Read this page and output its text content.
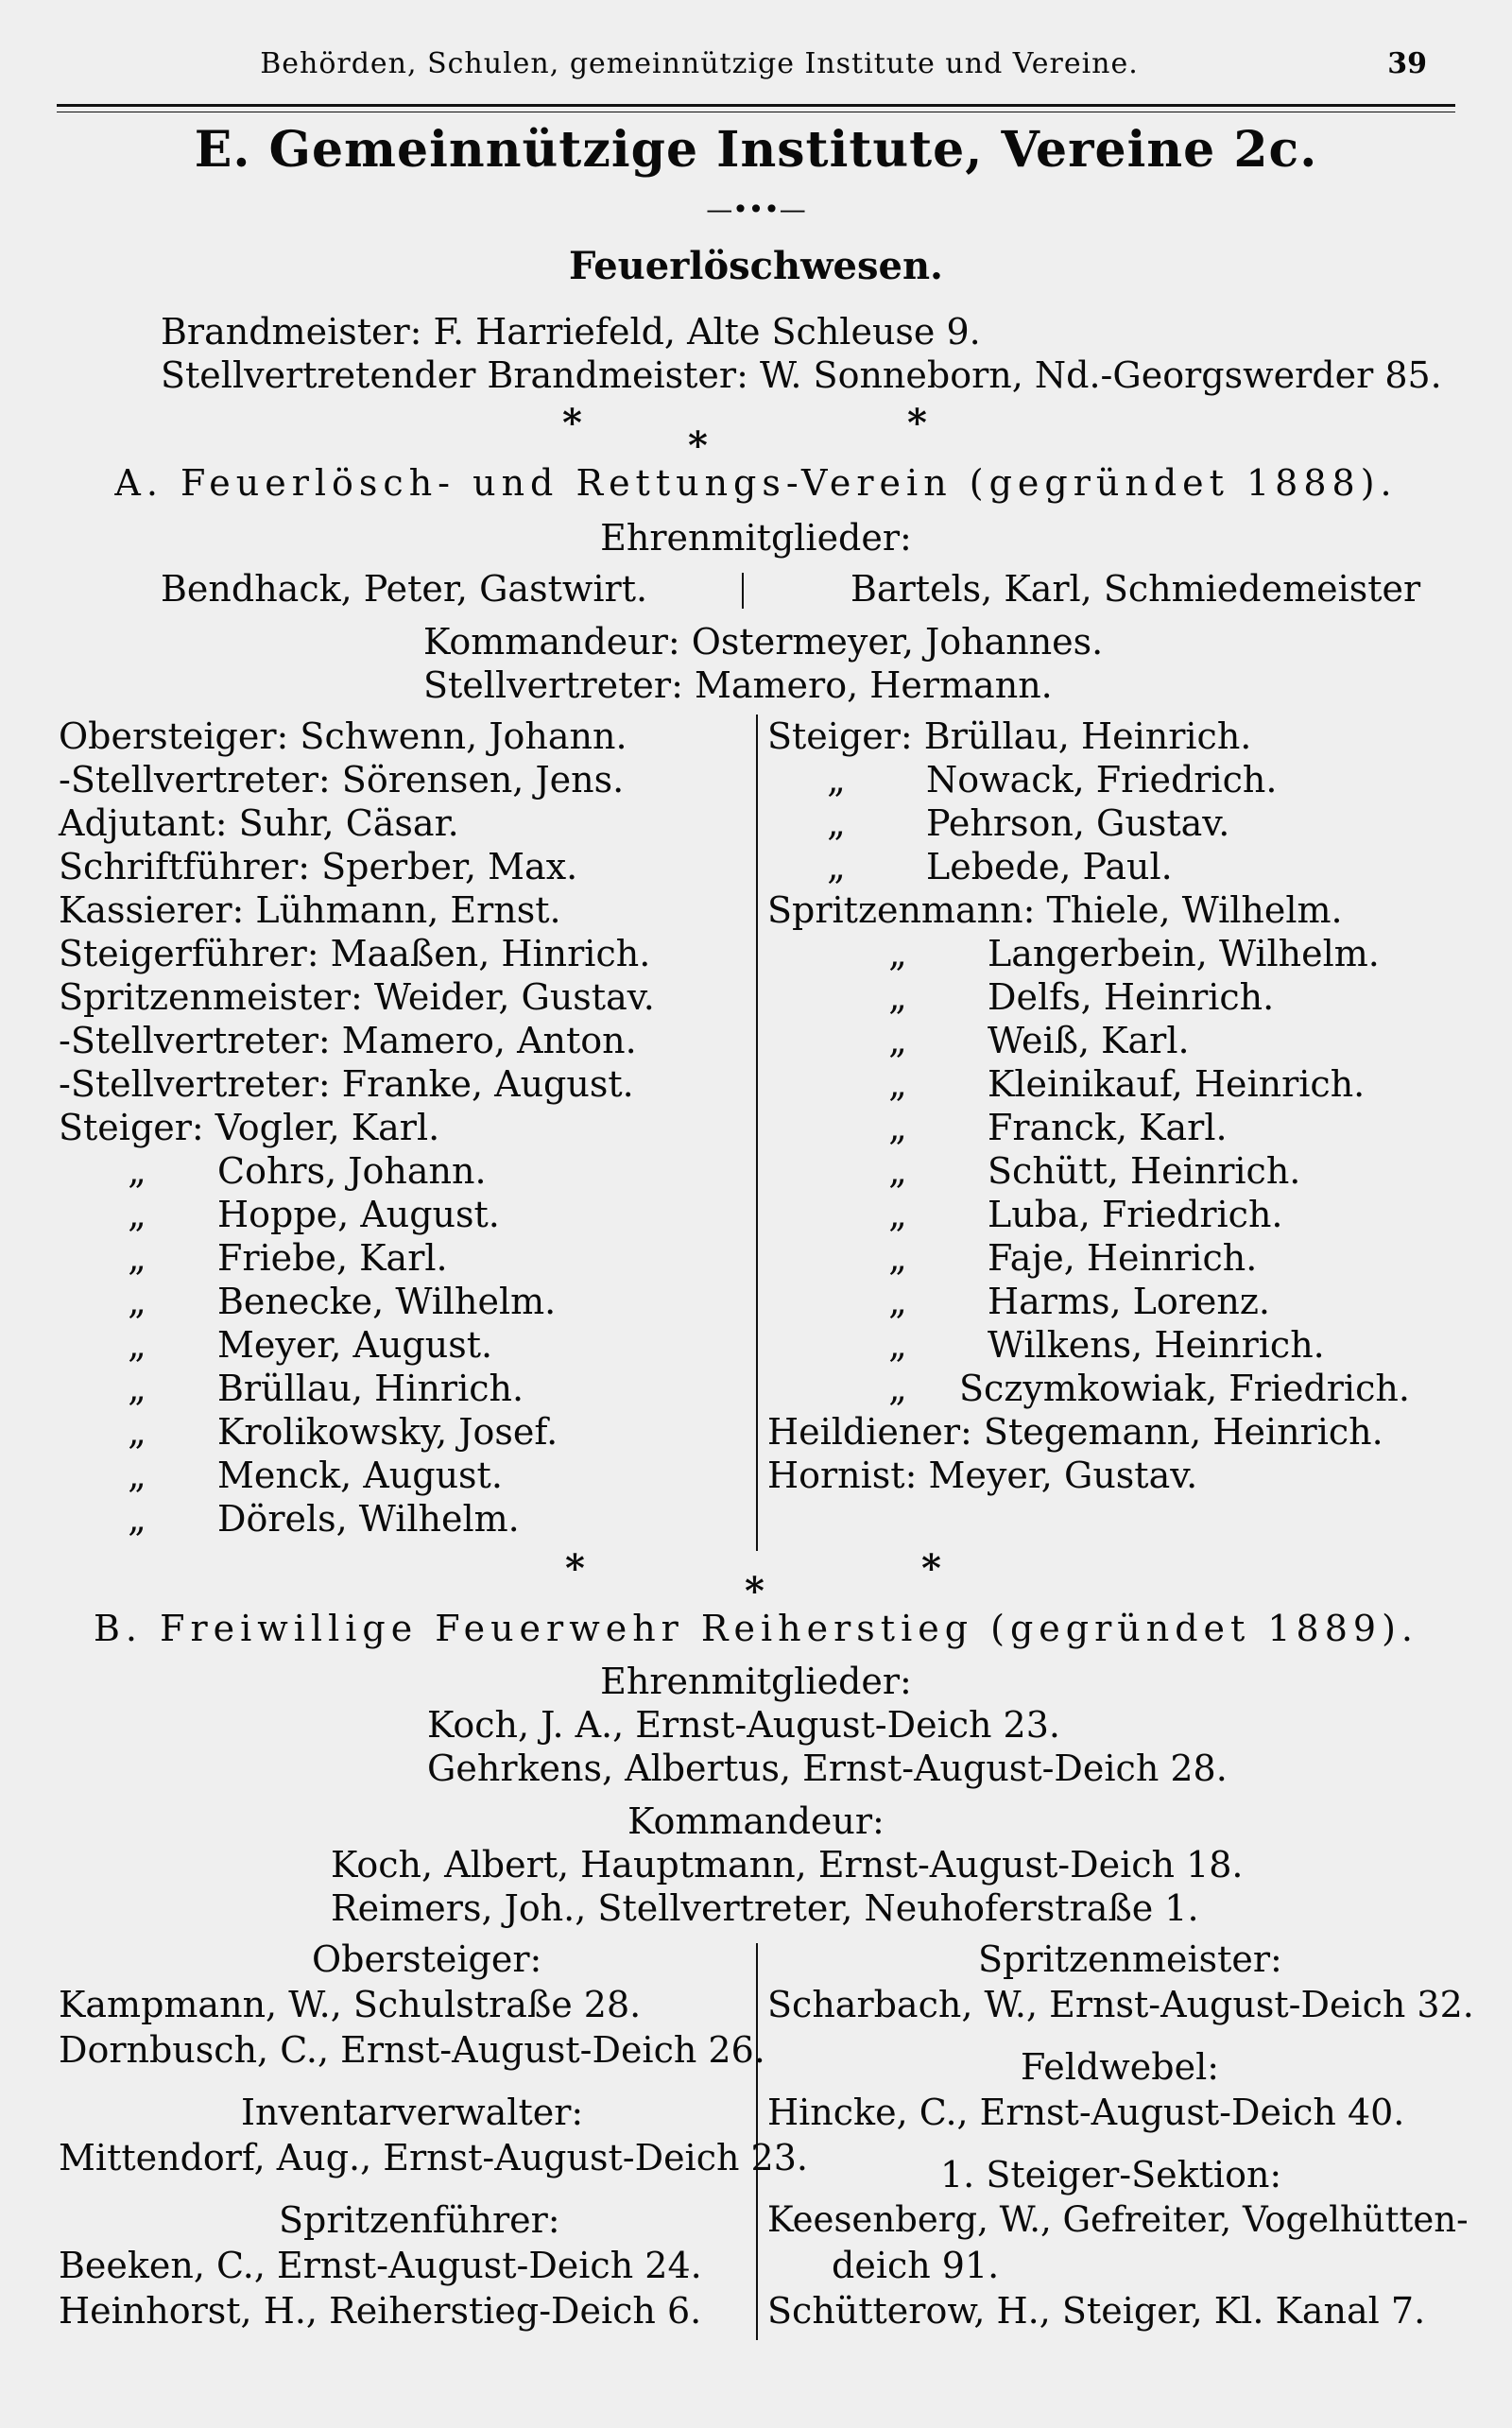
Behörden, Schulen, gemeinnützige Institute und Vereine.	39
E. Gemeinnützige Institute, Vereine 2c.
—•••—
Feuerlöschwesen.
Brandmeister: F. Harriefeld, Alte Schleuse 9.
Stellvertretender Brandmeister: W. Sonneborn, Nd.-Georgswerder 85.
*
*
*
A. Feuerlösch- und Rettungs-Verein (gegründet 1888).
Ehrenmitglieder:
Bendhack, Peter, Gastwirt.	Bartels, Karl, Schmiedemeister
Kommandeur: Ostermeyer, Johannes.
Stellvertreter: Mamero, Hermann.
Obersteiger: Schwenn, Johann.
-Stellvertreter: Sörensen, Jens.
Adjutant: Suhr, Cäsar.
Schriftführer: Sperber, Max.
Kassierer: Lühmann, Ernst.
Steigerführer: Maaßen, Hinrich.
Spritzenmeister: Weider, Gustav.
-Stellvertreter: Mamero, Anton.
-Stellvertreter: Franke, August.
Steiger: Vogler, Karl.
„ Cohrs, Johann.
„ Hoppe, August.
„ Friebe, Karl.
„ Benecke, Wilhelm.
„ Meyer, August.
„ Brüllau, Hinrich.
„ Krolikowsky, Josef.
„ Menck, August.
„ Dörels, Wilhelm.
Steiger: Brüllau, Heinrich.
„ Nowack, Friedrich.
„ Pehrson, Gustav.
„ Lebede, Paul.
Spritzenmann: Thiele, Wilhelm.
„ Langerbein, Wilhelm.
„ Delfs, Heinrich.
„ Weiß, Karl.
„ Kleinikauf, Heinrich.
„ Franck, Karl.
„ Schütt, Heinrich.
„ Luba, Friedrich.
„ Faje, Heinrich.
„ Harms, Lorenz.
„ Wilkens, Heinrich.
„ Sczymkowiak, Friedrich.
Heildiener: Stegemann, Heinrich.
Hornist: Meyer, Gustav.
*
*
*
B. Freiwillige Feuerwehr Reiherstieg (gegründet 1889).
Ehrenmitglieder:
Koch, J. A., Ernst-August-Deich 23.
Gehrkens, Albertus, Ernst-August-Deich 28.
Kommandeur:
Koch, Albert, Hauptmann, Ernst-August-Deich 18.
Reimers, Joh., Stellvertreter, Neuhoferstraße 1.
Obersteiger:
Kampmann, W., Schulstraße 28.
Dornbusch, C., Ernst-August-Deich 26.
Inventarverwalter:
Mittendorf, Aug., Ernst-August-Deich 23.
Spritzenführer:
Beeken, C., Ernst-August-Deich 24.
Heinhorst, H., Reiherstieg-Deich 6.
Spritzenmeister:
Scharbach, W., Ernst-August-Deich 32.
Feldwebel:
Hincke, C., Ernst-August-Deich 40.
1. Steiger-Sektion:
Keesenberg, W., Gefreiter, Vogelhütten-
deich 91.
Schütterow, H., Steiger, Kl. Kanal 7.
